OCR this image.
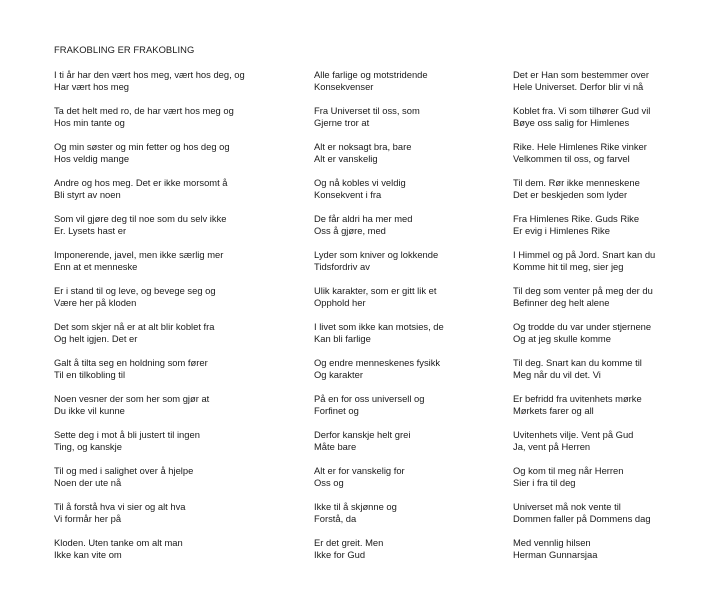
FRAKOBLING ER FRAKOBLING
I ti år har den vært hos meg, vært hos deg, og
Har vært hos meg
Ta det helt med ro, de har vært hos meg og
Hos min tante og
Og min søster og min fetter og hos deg og
Hos veldig mange
Andre og hos meg. Det er ikke morsomt å
Bli styrt av noen
Som vil gjøre deg til noe som du selv ikke
Er. Lysets hast er
Imponerende, javel, men ikke særlig mer
Enn at et menneske
Er i stand til og leve, og bevege seg og
Være her på kloden
Det som skjer nå er at alt blir koblet fra
Og helt igjen. Det er
Galt å tilta seg en holdning som fører
Til en tilkobling til
Noen vesner der som her som gjør at
Du ikke vil kunne
Sette deg i mot å bli justert til ingen
Ting, og kanskje
Til og med i salighet over å hjelpe
Noen der ute nå
Til å forstå hva vi sier og alt hva
Vi formår her på
Kloden. Uten tanke om alt man
Ikke kan vite om
Alle farlige og motstridende
Konsekvenser
Fra Universet til oss, som
Gjerne tror at
Alt er noksagt bra, bare
Alt er vanskelig
Og nå kobles vi veldig
Konsekvent i fra
De får aldri ha mer med
Oss å gjøre, med
Lyder som kniver og lokkende
Tidsfordriv av
Ulik karakter, som er gitt lik et
Opphold her
I livet som ikke kan motsies, de
Kan bli farlige
Og endre menneskenes fysikk
Og karakter
På en for oss universell og
Forfinet og
Derfor kanskje helt grei
Måte bare
Alt er for vanskelig for
Oss og
Ikke til å skjønne og
Forstå, da
Er det greit. Men
Ikke for Gud
Det er Han som bestemmer over
Hele Universet. Derfor blir vi nå
Koblet fra. Vi som tilhører Gud vil
Bøye oss salig for Himlenes
Rike. Hele Himlenes Rike vinker
Velkommen til oss, og farvel
Til dem. Rør ikke menneskene
Det er beskjeden som lyder
Fra Himlenes Rike. Guds Rike
Er evig i Himlenes Rike
I Himmel og på Jord. Snart kan du
Komme hit til meg, sier jeg
Til deg som venter på meg der du
Befinner deg helt alene
Og trodde du var under stjernene
Og at jeg skulle komme
Til deg. Snart kan du komme til
Meg når du vil det. Vi
Er befridd fra uvitenhets mørke
Mørkets farer og all
Uvitenhets vilje. Vent på Gud
Ja, vent på Herren
Og kom til meg når Herren
Sier i fra til deg
Universet må nok vente til
Dommen faller på Dommens dag
Med vennlig hilsen
Herman Gunnarsjaa
